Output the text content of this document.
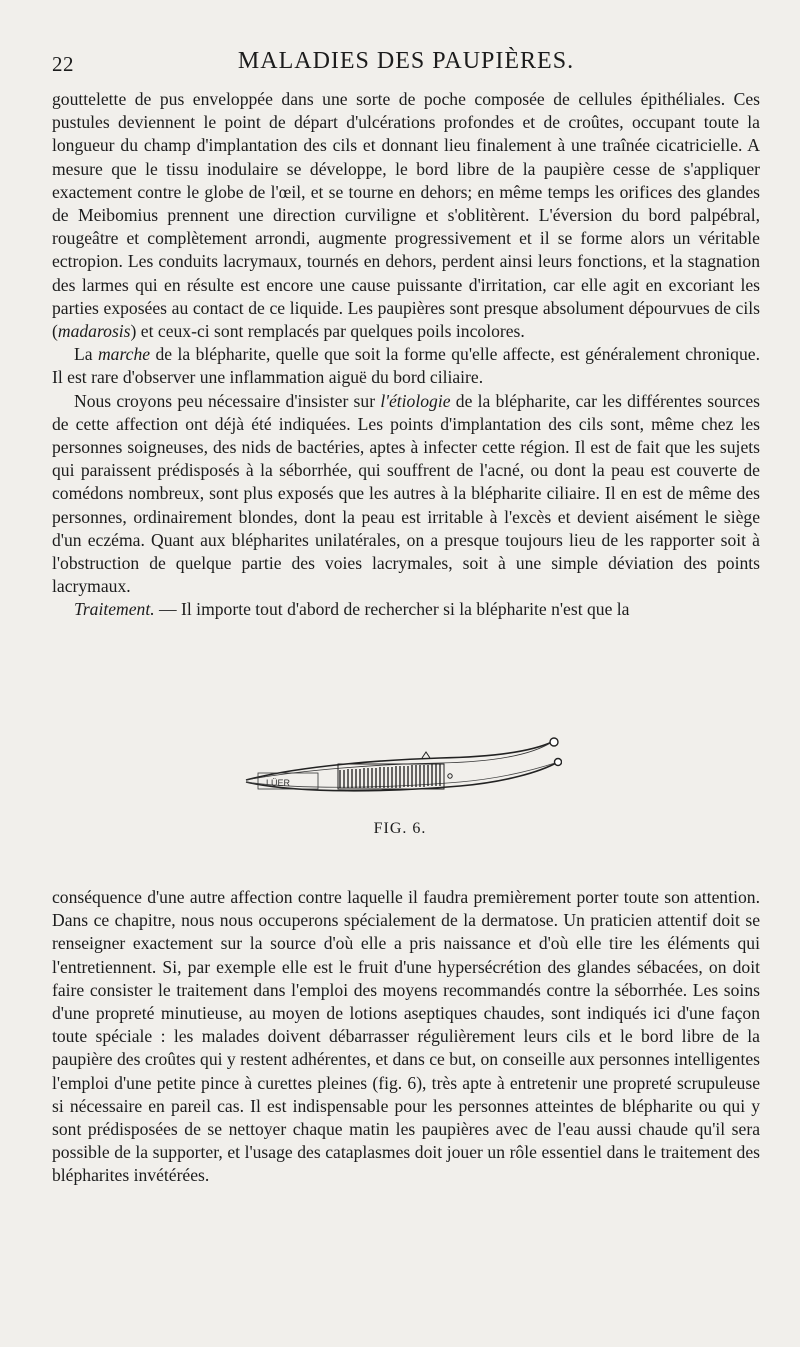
22	MALADIES DES PAUPIÈRES.

gouttelette de pus enveloppée dans une sorte de poche composée de cellules épithéliales. Ces pustules deviennent le point de départ d'ulcérations profondes et de croûtes, occupant toute la longueur du champ d'implantation des cils et donnant lieu finalement à une traînée cicatricielle. A mesure que le tissu inodulaire se développe, le bord libre de la paupière cesse de s'appliquer exactement contre le globe de l'œil, et se tourne en dehors; en même temps les orifices des glandes de Meibomius prennent une direction curviligne et s'oblitèrent. L'éversion du bord palpébral, rougeâtre et complètement arrondi, augmente progressivement et il se forme alors un véritable ectropion. Les conduits lacrymaux, tournés en dehors, perdent ainsi leurs fonctions, et la stagnation des larmes qui en résulte est encore une cause puissante d'irritation, car elle agit en excoriant les parties exposées au contact de ce liquide. Les paupières sont presque absolument dépourvues de cils (madarosis) et ceux-ci sont remplacés par quelques poils incolores.

La marche de la blépharite, quelle que soit la forme qu'elle affecte, est généralement chronique. Il est rare d'observer une inflammation aiguë du bord ciliaire.

Nous croyons peu nécessaire d'insister sur l'étiologie de la blépharite, car les différentes sources de cette affection ont déjà été indiquées. Les points d'implantation des cils sont, même chez les personnes soigneuses, des nids de bactéries, aptes à infecter cette région. Il est de fait que les sujets qui paraissent prédisposés à la séborrhée, qui souffrent de l'acné, ou dont la peau est couverte de comédons nombreux, sont plus exposés que les autres à la blépharite ciliaire. Il en est de même des personnes, ordinairement blondes, dont la peau est irritable à l'excès et devient aisément le siège d'un eczéma. Quant aux blépharites unilatérales, on a presque toujours lieu de les rapporter soit à l'obstruction de quelque partie des voies lacrymales, soit à une simple déviation des points lacrymaux.

Traitement. — Il importe tout d'abord de rechercher si la blépharite n'est que la

LÜER
FIG. 6.

conséquence d'une autre affection contre laquelle il faudra premièrement porter toute son attention. Dans ce chapitre, nous nous occuperons spécialement de la dermatose. Un praticien attentif doit se renseigner exactement sur la source d'où elle a pris naissance et d'où elle tire les éléments qui l'entretiennent. Si, par exemple elle est le fruit d'une hypersécrétion des glandes sébacées, on doit faire consister le traitement dans l'emploi des moyens recommandés contre la séborrhée. Les soins d'une propreté minutieuse, au moyen de lotions aseptiques chaudes, sont indiqués ici d'une façon toute spéciale : les malades doivent débarrasser régulièrement leurs cils et le bord libre de la paupière des croûtes qui y restent adhérentes, et dans ce but, on conseille aux personnes intelligentes l'emploi d'une petite pince à curettes pleines (fig. 6), très apte à entretenir une propreté scrupuleuse si nécessaire en pareil cas. Il est indispensable pour les personnes atteintes de blépharite ou qui y sont prédisposées de se nettoyer chaque matin les paupières avec de l'eau aussi chaude qu'il sera possible de la supporter, et l'usage des cataplasmes doit jouer un rôle essentiel dans le traitement des blépharites invétérées.
